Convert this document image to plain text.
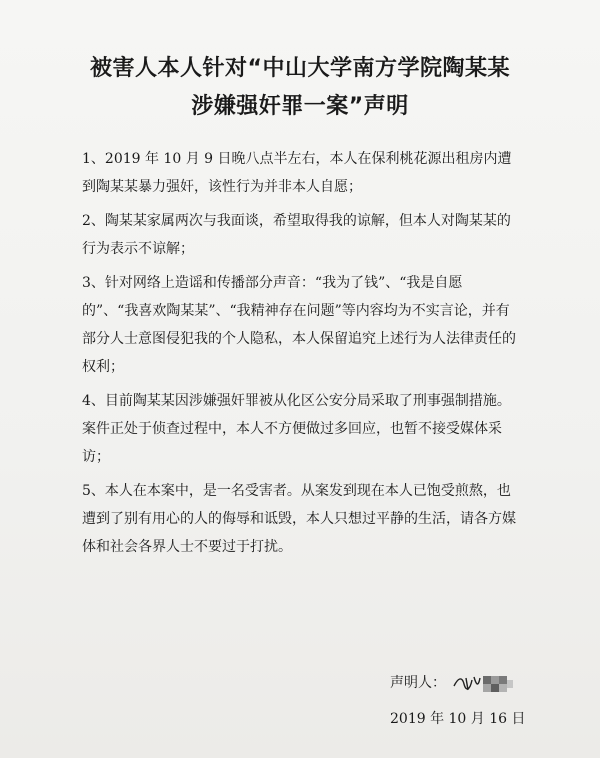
被害人本人针对“中山大学南方学院陶某某
涉嫌强奸罪一案”声明

1、2019 年 10 月 9 日晚八点半左右，本人在保利桃花源出租房内遭到陶某某暴力强奸，该性行为并非本人自愿；

2、陶某某家属两次与我面谈，希望取得我的谅解，但本人对陶某某的行为表示不谅解；

3、针对网络上造谣和传播部分声音：“我为了钱”、“我是自愿的”、“我喜欢陶某某”、“我精神存在问题”等内容均为不实言论，并有部分人士意图侵犯我的个人隐私，本人保留追究上述行为人法律责任的权利；

4、目前陶某某因涉嫌强奸罪被从化区公安分局采取了刑事强制措施。案件正处于侦查过程中，本人不方便做过多回应，也暂不接受媒体采访；

5、本人在本案中，是一名受害者。从案发到现在本人已饱受煎熬，也遭到了别有用心的人的侮辱和诋毁，本人只想过平静的生活，请各方媒体和社会各界人士不要过于打扰。

声明人：
2019 年 10 月 16 日
